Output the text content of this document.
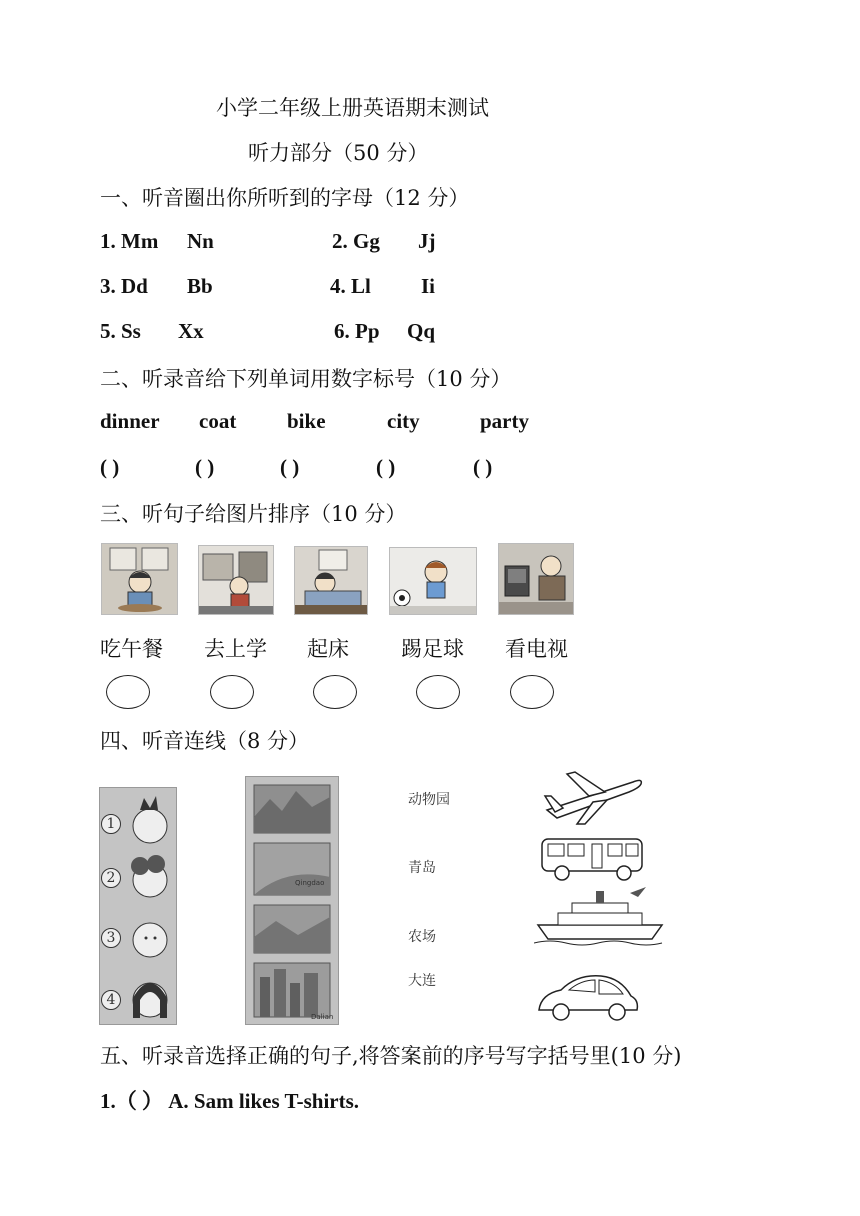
小学二年级上册英语期末测试
听力部分（50 分）
一、听音圈出你所听到的字母（12 分）
1. Mm Nn	2. Gg Jj
3. Dd Bb	4. Ll Ii
5. Ss Xx	6. Pp Qq
二、听录音给下列单词用数字标号（10 分）
dinner coat bike	city	party
( )	( )	( )	( )	( )
三、听句子给图片排序（10 分）
吃午餐 去上学 起床 踢足球 看电视
四、听音连线（8 分）
1
2
3
4
Qingdao
Dalian
动物园
青岛
农场
大连
五、听录音选择正确的句子,将答案前的序号写字括号里(10 分)
1.（ ） A. Sam likes T-shirts.
